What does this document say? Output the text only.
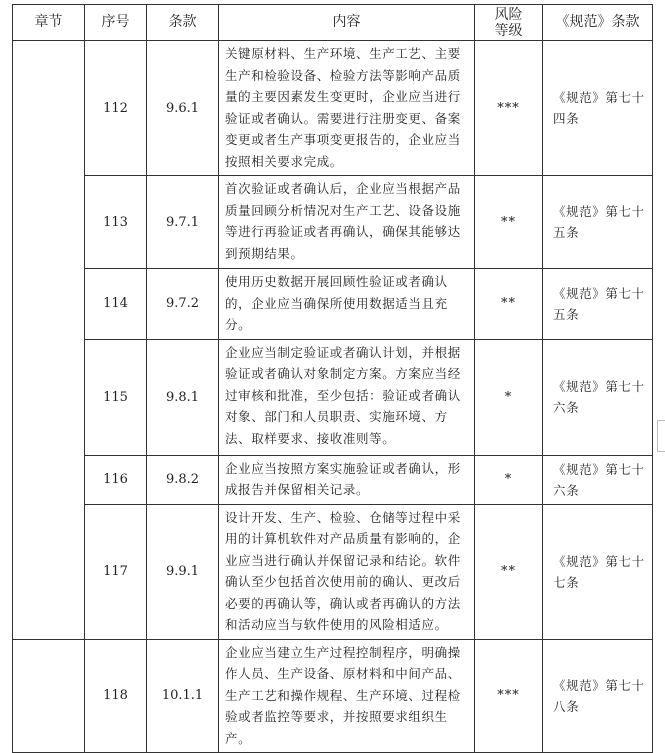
章节	序号	条款	内容	风险等级	《规范》条款
	112	9.6.1	关键原材料、生产环境、生产工艺、主要生产和检验设备、检验方法等影响产品质量的主要因素发生变更时，企业应当进行验证或者确认。需要进行注册变更、备案变更或者生产事项变更报告的，企业应当按照相关要求完成。	***	《规范》第七十四条
	113	9.7.1	首次验证或者确认后，企业应当根据产品质量回顾分析情况对生产工艺、设备设施等进行再验证或者再确认，确保其能够达到预期结果。	**	《规范》第七十五条
	114	9.7.2	使用历史数据开展回顾性验证或者确认的，企业应当确保所使用数据适当且充分。	**	《规范》第七十五条
	115	9.8.1	企业应当制定验证或者确认计划，并根据验证或者确认对象制定方案。方案应当经过审核和批准，至少包括：验证或者确认对象、部门和人员职责、实施环境、方法、取样要求、接收准则等。	*	《规范》第七十六条
	116	9.8.2	企业应当按照方案实施验证或者确认，形成报告并保留相关记录。	*	《规范》第七十六条
	117	9.9.1	设计开发、生产、检验、仓储等过程中采用的计算机软件对产品质量有影响的，企业应当进行确认并保留记录和结论。软件确认至少包括首次使用前的确认、更改后必要的再确认等，确认或者再确认的方法和活动应当与软件使用的风险相适应。	**	《规范》第七十七条
	118	10.1.1	企业应当建立生产过程控制程序，明确操作人员、生产设备、原材料和中间产品、生产工艺和操作规程、生产环境、过程检验或者监控等要求，并按照要求组织生产。	***	《规范》第七十八条
